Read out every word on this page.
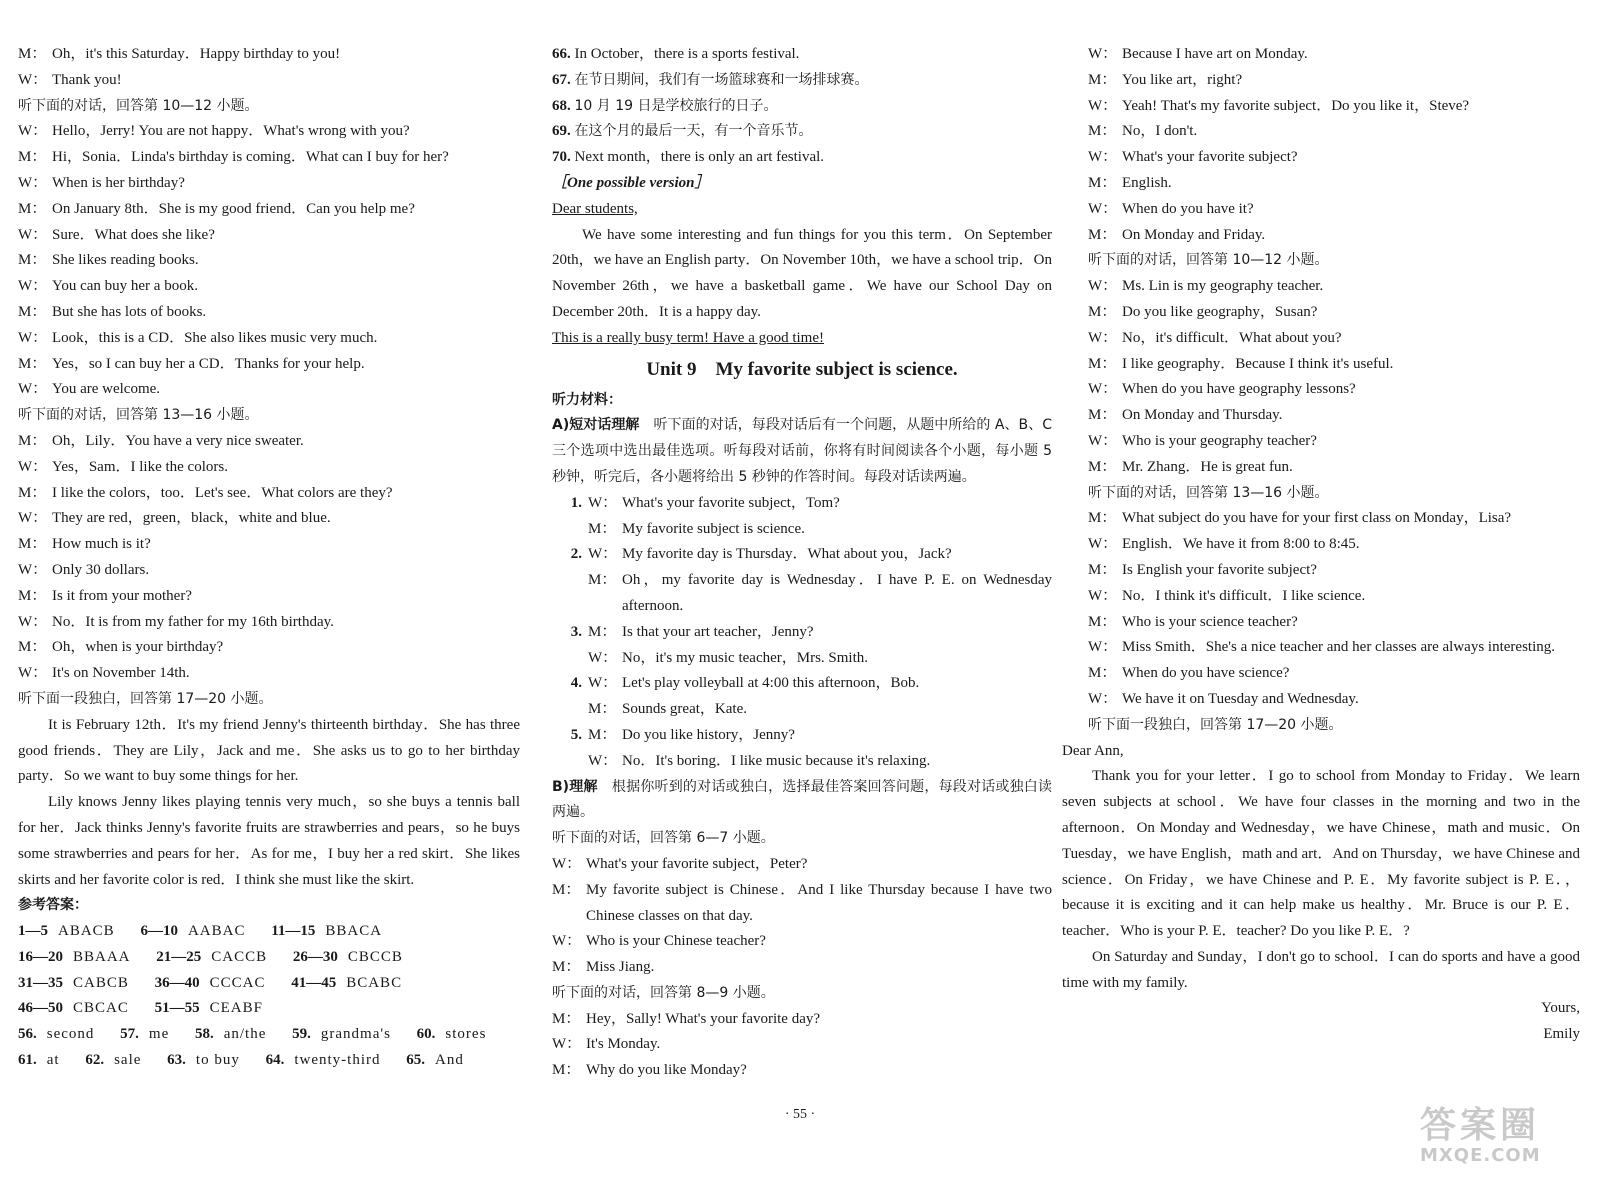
M： Oh，it's this Saturday．Happy birthday to you!
W： Thank you!
听下面的对话，回答第 10—12 小题。
W： Hello，Jerry! You are not happy．What's wrong with you?
M： Hi，Sonia．Linda's birthday is coming．What can I buy for her?
W： When is her birthday?
M： On January 8th．She is my good friend．Can you help me?
W： Sure．What does she like?
M： She likes reading books.
W： You can buy her a book.
M： But she has lots of books.
W： Look，this is a CD．She also likes music very much.
M： Yes，so I can buy her a CD．Thanks for your help.
W： You are welcome.
听下面的对话，回答第 13—16 小题。
M： Oh，Lily．You have a very nice sweater.
W： Yes，Sam．I like the colors.
M： I like the colors，too．Let's see．What colors are they?
W： They are red，green，black，white and blue.
M： How much is it?
W： Only 30 dollars.
M： Is it from your mother?
W： No．It is from my father for my 16th birthday.
M： Oh，when is your birthday?
W： It's on November 14th.
听下面一段独白，回答第 17—20 小题。
It is February 12th．It's my friend Jenny's thirteenth birthday．She has three good friends．They are Lily，Jack and me．She asks us to go to her birthday party．So we want to buy some things for her.
Lily knows Jenny likes playing tennis very much，so she buys a tennis ball for her．Jack thinks Jenny's favorite fruits are strawberries and pears，so he buys some strawberries and pears for her．As for me，I buy her a red skirt．She likes skirts and her favorite color is red．I think she must like the skirt.
参考答案：
1—5 ABACB 6—10 AABAC 11—15 BBACA
16—20 BBAAA 21—25 CACCB 26—30 CBCCB
31—35 CABCB 36—40 CCCAC 41—45 BCABC
46—50 CBCAC 51—55 CEABF
56. second 57. me 58. an/the 59. grandma's 60. stores
61. at 62. sale 63. to buy 64. twenty-third 65. And
66. In October，there is a sports festival.
67. 在节日期间，我们有一场篮球赛和一场排球赛。
68. 10 月 19 日是学校旅行的日子。
69. 在这个月的最后一天，有一个音乐节。
70. Next month，there is only an art festival.
［One possible version］
Dear students,
We have some interesting and fun things for you this term．On September 20th，we have an English party．On November 10th，we have a school trip．On November 26th，we have a basketball game．We have our School Day on December 20th．It is a happy day.
This is a really busy term! Have a good time!
Unit 9　My favorite subject is science.
听力材料：
A)短对话理解　 听下面的对话，每段对话后有一个问题，从题中所给的 A、B、C 三个选项中选出最佳选项。听每段对话前，你将有时间阅读各个小题，每小题 5 秒钟，听完后，各小题将给出 5 秒钟的作答时间。每段对话读两遍。
1. W： What's your favorite subject，Tom?
M： My favorite subject is science.
2. W： My favorite day is Thursday．What about you，Jack?
M： Oh，my favorite day is Wednesday．I have P. E. on Wednesday afternoon.
3. M： Is that your art teacher，Jenny?
W： No，it's my music teacher，Mrs. Smith.
4. W： Let's play volleyball at 4:00 this afternoon，Bob.
M： Sounds great，Kate.
5. M： Do you like history，Jenny?
W： No．It's boring．I like music because it's relaxing.
B)理解　 根据你听到的对话或独白，选择最佳答案回答问题，每段对话或独白读两遍。
听下面的对话，回答第 6—7 小题。
W： What's your favorite subject，Peter?
M： My favorite subject is Chinese．And I like Thursday because I have two Chinese classes on that day.
W： Who is your Chinese teacher?
M： Miss Jiang.
听下面的对话，回答第 8—9 小题。
M： Hey，Sally! What's your favorite day?
W： It's Monday.
M： Why do you like Monday?
W： Because I have art on Monday.
M： You like art，right?
W： Yeah! That's my favorite subject．Do you like it，Steve?
M： No，I don't.
W： What's your favorite subject?
M： English.
W： When do you have it?
M： On Monday and Friday.
听下面的对话，回答第 10—12 小题。
W： Ms. Lin is my geography teacher.
M： Do you like geography，Susan?
W： No，it's difficult．What about you?
M： I like geography．Because I think it's useful.
W： When do you have geography lessons?
M： On Monday and Thursday.
W： Who is your geography teacher?
M： Mr. Zhang．He is great fun.
听下面的对话，回答第 13—16 小题。
M： What subject do you have for your first class on Monday，Lisa?
W： English．We have it from 8:00 to 8:45.
M： Is English your favorite subject?
W： No．I think it's difficult．I like science.
M： Who is your science teacher?
W： Miss Smith．She's a nice teacher and her classes are always interesting.
M： When do you have science?
W： We have it on Tuesday and Wednesday.
听下面一段独白，回答第 17—20 小题。
Dear Ann,
Thank you for your letter．I go to school from Monday to Friday．We learn seven subjects at school．We have four classes in the morning and two in the afternoon．On Monday and Wednesday，we have Chinese，math and music．On Tuesday，we have English，math and art．And on Thursday，we have Chinese and science．On Friday，we have Chinese and P. E．My favorite subject is P. E．，because it is exciting and it can help make us healthy．Mr. Bruce is our P. E．teacher．Who is your P. E．teacher? Do you like P. E．?
On Saturday and Sunday，I don't go to school．I can do sports and have a good time with my family.
Yours,
Emily
· 55 ·	答案圈
MXQE.COM
